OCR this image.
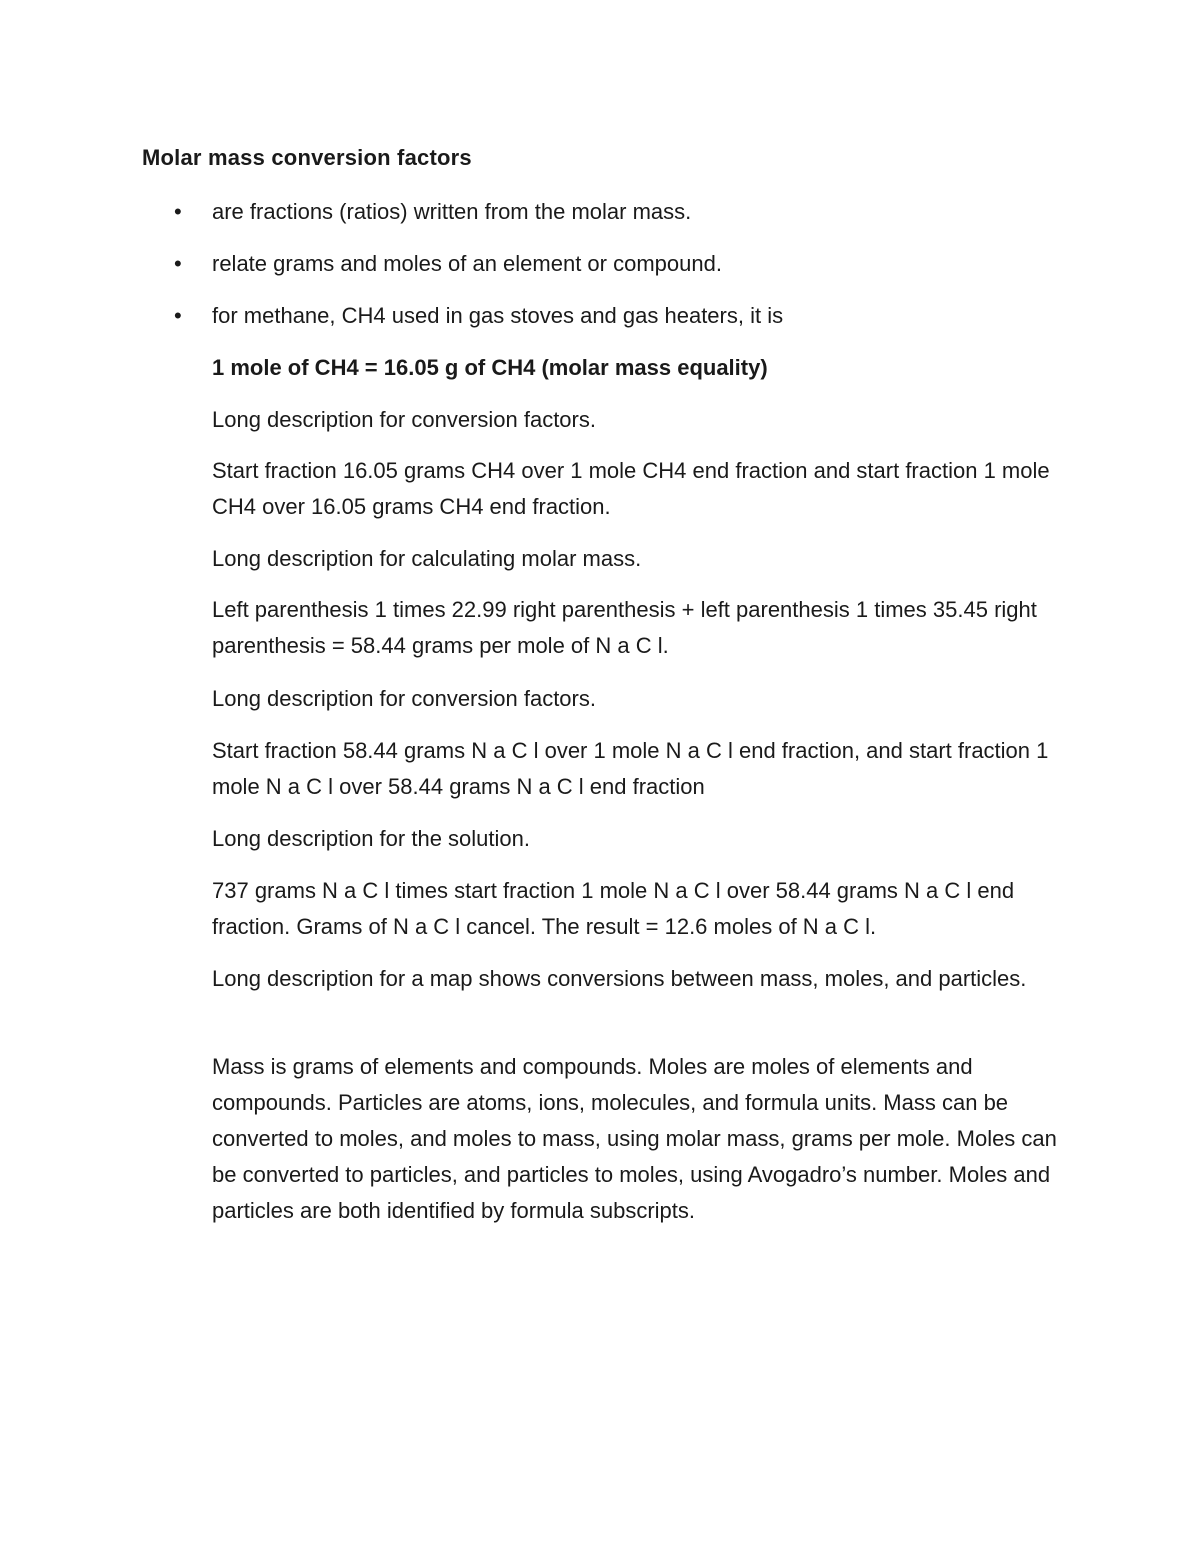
Molar mass conversion factors
•	are fractions (ratios) written from the molar mass.
•	relate grams and moles of an element or compound.
•	for methane, CH4 used in gas stoves and gas heaters, it is

1 mole of CH4 = 16.05 g of CH4 (molar mass equality)

Long description for conversion factors.

Start fraction 16.05 grams CH4 over 1 mole CH4 end fraction and start fraction 1 mole CH4 over 16.05 grams CH4 end fraction.

Long description for calculating molar mass.

Left parenthesis 1 times 22.99 right parenthesis + left parenthesis 1 times 35.45 right parenthesis = 58.44 grams per mole of N a C l.

Long description for conversion factors.

Start fraction 58.44 grams N a C l over 1 mole N a C l end fraction, and start fraction 1 mole N a C l over 58.44 grams N a C l end fraction

Long description for the solution.

737 grams N a C l times start fraction 1 mole N a C l over 58.44 grams N a C l end fraction. Grams of N a C l cancel. The result = 12.6 moles of N a C l.

Long description for a map shows conversions between mass, moles, and particles.

Mass is grams of elements and compounds. Moles are moles of elements and compounds. Particles are atoms, ions, molecules, and formula units. Mass can be converted to moles, and moles to mass, using molar mass, grams per mole. Moles can be converted to particles, and particles to moles, using Avogadro’s number. Moles and particles are both identified by formula subscripts.
